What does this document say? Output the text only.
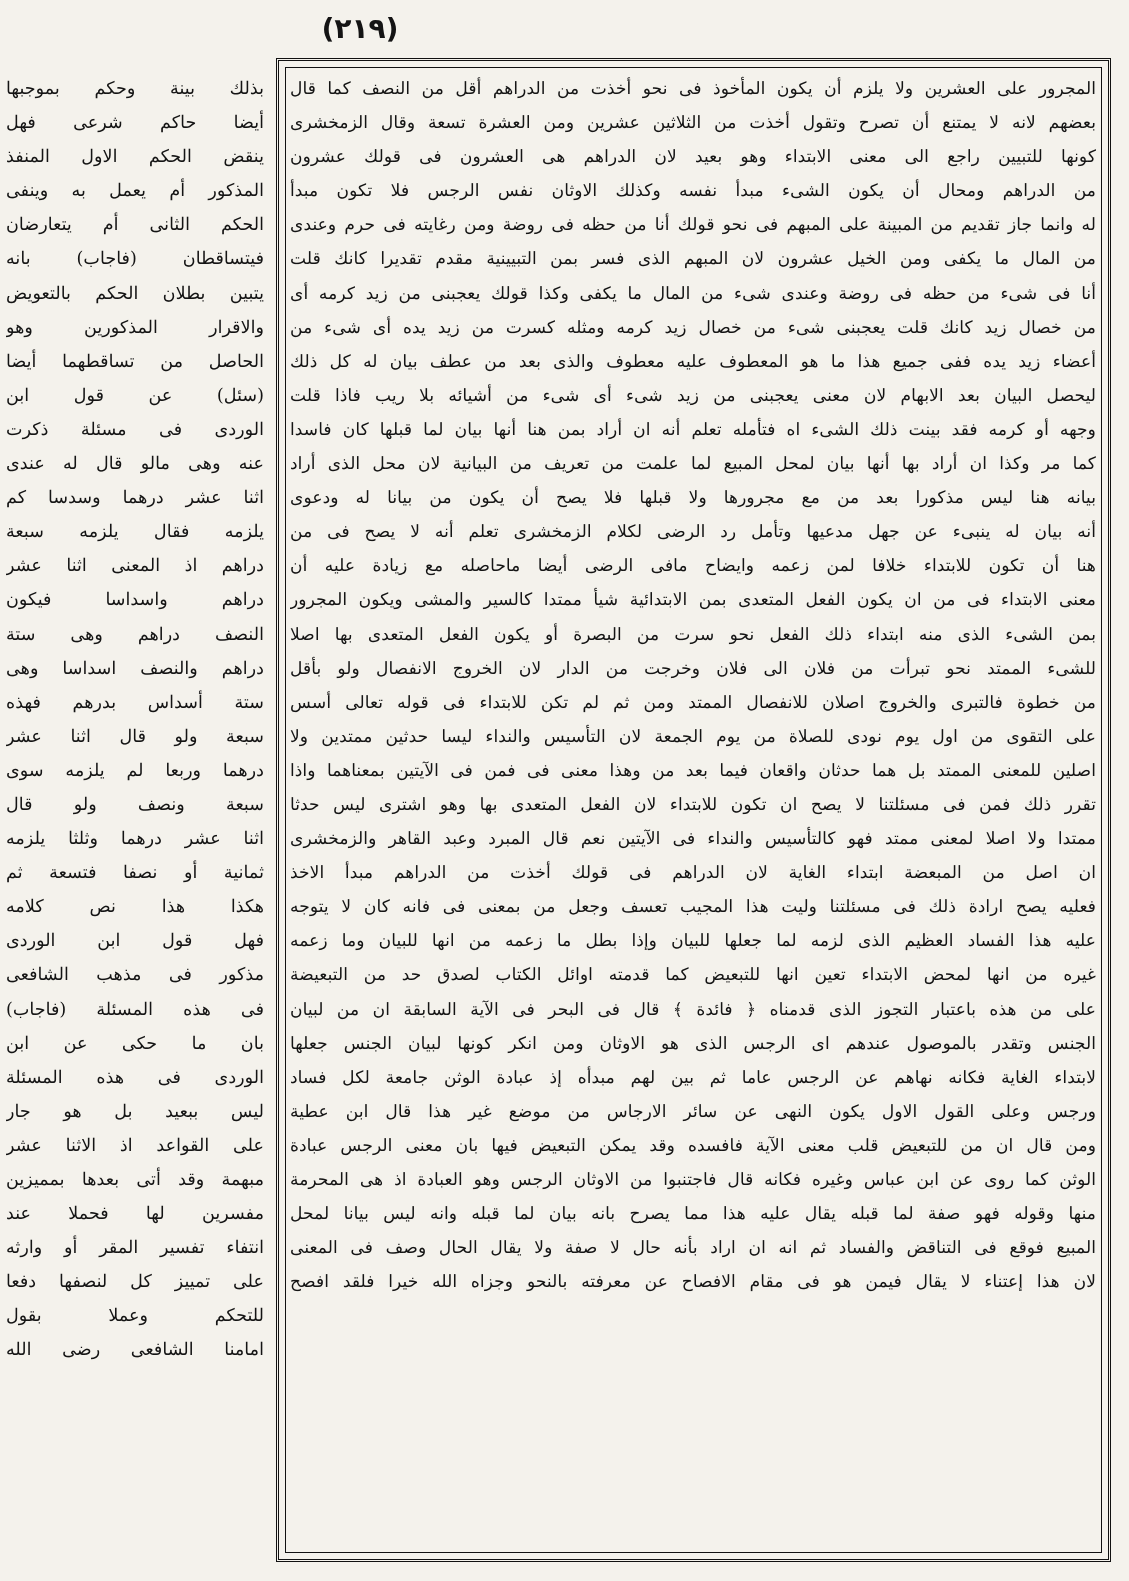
(٢١٩)
المجرور على العشرين ولا يلزم أن يكون المأخوذ فى نحو أخذت من الدراهم أقل من النصف كما قال
بعضهم لانه لا يمتنع أن تصرح وتقول أخذت من الثلاثين عشرين ومن العشرة تسعة وقال الزمخشرى
كونها للتبيين راجع الى معنى الابتداء وهو بعيد لان الدراهم هى العشرون فى قولك عشرون
من الدراهم ومحال أن يكون الشىء مبدأ نفسه وكذلك الاوثان نفس الرجس فلا تكون مبدأ
له وانما جاز تقديم من المبينة على المبهم فى نحو قولك أنا من حظه فى روضة ومن رغايته فى حرم وعندى
من المال ما يكفى ومن الخيل عشرون لان المبهم الذى فسر بمن التبيينية مقدم تقديرا كانك قلت
أنا فى شىء من حظه فى روضة وعندى شىء من المال ما يكفى وكذا قولك يعجبنى من زيد كرمه أى
من خصال زيد كانك قلت يعجبنى شىء من خصال زيد كرمه ومثله كسرت من زيد يده أى شىء من
أعضاء زيد يده ففى جميع هذا ما هو المعطوف عليه معطوف والذى بعد من عطف بيان له كل ذلك
ليحصل البيان بعد الابهام لان معنى يعجبنى من زيد شىء أى شىء من أشيائه بلا ريب فاذا قلت
وجهه أو كرمه فقد بينت ذلك الشىء اه فتأمله تعلم أنه ان أراد بمن هنا أنها بيان لما قبلها كان فاسدا
كما مر وكذا ان أراد بها أنها بيان لمحل المبيع لما علمت من تعريف من البيانية لان محل الذى أراد
بيانه هنا ليس مذكورا بعد من مع مجرورها ولا قبلها فلا يصح أن يكون من بيانا له ودعوى
أنه بيان له ينبىء عن جهل مدعيها وتأمل رد الرضى لكلام الزمخشرى تعلم أنه لا يصح فى من
هنا أن تكون للابتداء خلافا لمن زعمه وايضاح مافى الرضى أيضا ماحاصله مع زيادة عليه أن
معنى الابتداء فى من ان يكون الفعل المتعدى بمن الابتدائية شيأ ممتدا كالسير والمشى ويكون المجرور
بمن الشىء الذى منه ابتداء ذلك الفعل نحو سرت من البصرة أو يكون الفعل المتعدى بها اصلا
للشىء الممتد نحو تبرأت من فلان الى فلان وخرجت من الدار لان الخروج الانفصال ولو بأقل
من خطوة فالتبرى والخروج اصلان للانفصال الممتد ومن ثم لم تكن للابتداء فى قوله تعالى أسس
على التقوى من اول يوم نودى للصلاة من يوم الجمعة لان التأسيس والنداء ليسا حدثين ممتدين ولا
اصلين للمعنى الممتد بل هما حدثان واقعان فيما بعد من وهذا معنى فى فمن فى الآيتين بمعناهما واذا
تقرر ذلك فمن فى مسئلتنا لا يصح ان تكون للابتداء لان الفعل المتعدى بها وهو اشترى ليس حدثا
ممتدا ولا اصلا لمعنى ممتد فهو كالتأسيس والنداء فى الآيتين نعم قال المبرد وعبد القاهر والزمخشرى
ان اصل من المبعضة ابتداء الغاية لان الدراهم فى قولك أخذت من الدراهم مبدأ الاخذ
فعليه يصح ارادة ذلك فى مسئلتنا وليت هذا المجيب تعسف وجعل من بمعنى فى فانه كان لا يتوجه
عليه هذا الفساد العظيم الذى لزمه لما جعلها للبيان وإذا بطل ما زعمه من انها للبيان وما زعمه
غيره من انها لمحض الابتداء تعين انها للتبعيض كما قدمته اوائل الكتاب لصدق حد من التبعيضة
على من هذه باعتبار التجوز الذى قدمناه ﴿ فائدة ﴾ قال فى البحر فى الآية السابقة ان من لبيان
الجنس وتقدر بالموصول عندهم اى الرجس الذى هو الاوثان ومن انكر كونها لبيان الجنس جعلها
لابتداء الغاية فكانه نهاهم عن الرجس عاما ثم بين لهم مبدأه إذ عبادة الوثن جامعة لكل فساد
ورجس وعلى القول الاول يكون النهى عن سائر الارجاس من موضع غير هذا قال ابن عطية
ومن قال ان من للتبعيض قلب معنى الآية فافسده وقد يمكن التبعيض فيها بان معنى الرجس عبادة
الوثن كما روى عن ابن عباس وغيره فكانه قال فاجتنبوا من الاوثان الرجس وهو العبادة اذ هى المحرمة
منها وقوله فهو صفة لما قبله يقال عليه هذا مما يصرح بانه بيان لما قبله وانه ليس بيانا لمحل
المبيع فوقع فى التناقض والفساد ثم انه ان اراد بأنه حال لا صفة ولا يقال الحال وصف فى المعنى
لان هذا إعتناء لا يقال فيمن هو فى مقام الافصاح عن معرفته بالنحو وجزاه الله خيرا فلقد افصح
بذلك بينة وحكم بموجبها
أيضا حاكم شرعى فهل
ينقض الحكم الاول المنفذ
المذكور أم يعمل به وينفى
الحكم الثانى أم يتعارضان
فيتساقطان (فاجاب) بانه
يتبين بطلان الحكم بالتعويض
والاقرار المذكورين وهو
الحاصل من تساقطهما أيضا
(سئل) عن قول ابن
الوردى فى مسئلة ذكرت
عنه وهى مالو قال له عندى
اثنا عشر درهما وسدسا كم
يلزمه فقال يلزمه سبعة
دراهم اذ المعنى اثنا عشر
دراهم واسداسا فيكون
النصف دراهم وهى ستة
دراهم والنصف اسداسا وهى
ستة أسداس بدرهم فهذه
سبعة ولو قال اثنا عشر
درهما وربعا لم يلزمه سوى
سبعة ونصف ولو قال
اثنا عشر درهما وثلثا يلزمه
ثمانية أو نصفا فتسعة ثم
هكذا هذا نص كلامه
فهل قول ابن الوردى
مذكور فى مذهب الشافعى
فى هذه المسئلة (فاجاب)
بان ما حكى عن ابن
الوردى فى هذه المسئلة
ليس ببعيد بل هو جار
على القواعد اذ الاثنا عشر
مبهمة وقد أتى بعدها بمميزين
مفسرين لها فحملا عند
انتفاء تفسير المقر أو وارثه
على تمييز كل لنصفها دفعا
للتحكم وعملا بقول
امامنا الشافعى رضى الله
